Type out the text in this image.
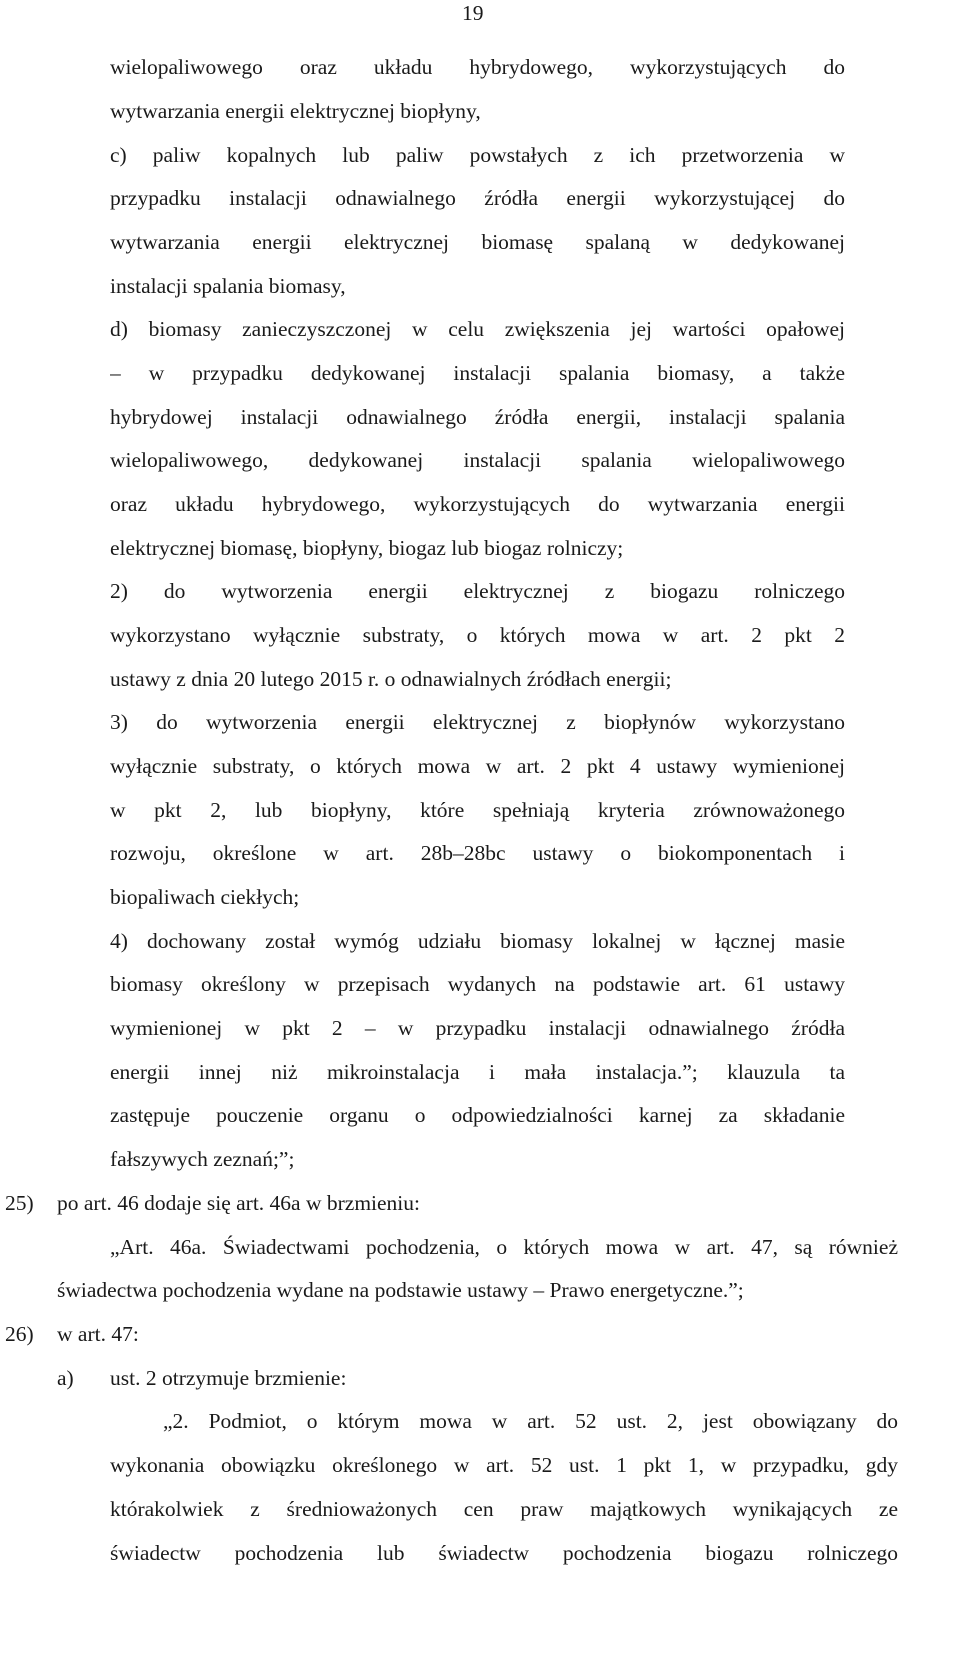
19
wielopaliwowego oraz układu hybrydowego, wykorzystujących do
wytwarzania energii elektrycznej biopłyny,
c) paliw kopalnych lub paliw powstałych z ich przetworzenia w
przypadku instalacji odnawialnego źródła energii wykorzystującej do
wytwarzania energii elektrycznej biomasę spalaną w dedykowanej
instalacji spalania biomasy,
d) biomasy zanieczyszczonej w celu zwiększenia jej wartości opałowej
– w przypadku dedykowanej instalacji spalania biomasy, a także
hybrydowej instalacji odnawialnego źródła energii, instalacji spalania
wielopaliwowego, dedykowanej instalacji spalania wielopaliwowego
oraz układu hybrydowego, wykorzystujących do wytwarzania energii
elektrycznej biomasę, biopłyny, biogaz lub biogaz rolniczy;
2) do wytworzenia energii elektrycznej z biogazu rolniczego
wykorzystano wyłącznie substraty, o których mowa w art. 2 pkt 2
ustawy z dnia 20 lutego 2015 r. o odnawialnych źródłach energii;
3) do wytworzenia energii elektrycznej z biopłynów wykorzystano
wyłącznie substraty, o których mowa w art. 2 pkt 4 ustawy wymienionej
w pkt 2, lub biopłyny, które spełniają kryteria zrównoważonego
rozwoju, określone w art. 28b–28bc ustawy o biokomponentach i
biopaliwach ciekłych;
4) dochowany został wymóg udziału biomasy lokalnej w łącznej masie
biomasy określony w przepisach wydanych na podstawie art. 61 ustawy
wymienionej w pkt 2 – w przypadku instalacji odnawialnego źródła
energii innej niż mikroinstalacja i mała instalacja.”; klauzula ta
zastępuje pouczenie organu o odpowiedzialności karnej za składanie
fałszywych zeznań;”;
25) po art. 46 dodaje się art. 46a w brzmieniu:
„Art. 46a. Świadectwami pochodzenia, o których mowa w art. 47, są również
świadectwa pochodzenia wydane na podstawie ustawy – Prawo energetyczne.”;
26) w art. 47:
a) ust. 2 otrzymuje brzmienie:
„2. Podmiot, o którym mowa w art. 52 ust. 2, jest obowiązany do
wykonania obowiązku określonego w art. 52 ust. 1 pkt 1, w przypadku, gdy
którakolwiek z średnioważonych cen praw majątkowych wynikających ze
świadectw pochodzenia lub świadectw pochodzenia biogazu rolniczego
